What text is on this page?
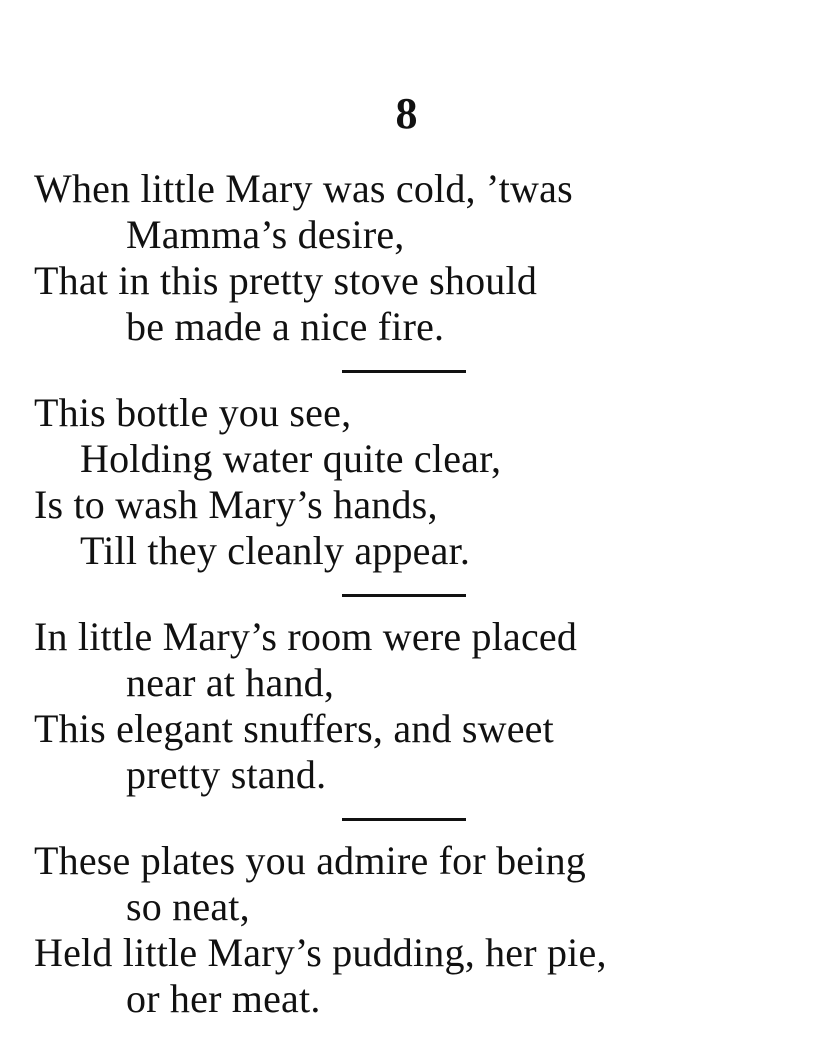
8
When little Mary was cold, ’twas
Mamma’s desire,
That in this pretty stove should
be made a nice fire.
This bottle you see,
Holding water quite clear,
Is to wash Mary’s hands,
Till they cleanly appear.
In little Mary’s room were placed
near at hand,
This elegant snuffers, and sweet
pretty stand.
These plates you admire for being
so neat,
Held little Mary’s pudding, her pie,
or her meat.
